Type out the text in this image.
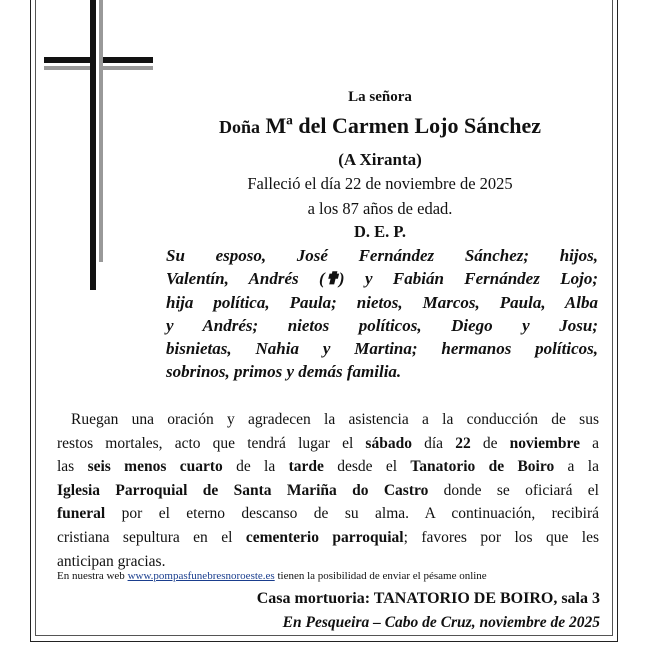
La señora
Doña Mª del Carmen Lojo Sánchez
(A Xiranta)
Falleció el día 22 de noviembre de 2025
a los 87 años de edad.
D. E. P.
Su esposo, José Fernández Sánchez; hijos,
Valentín, Andrés (✟) y Fabián Fernández Lojo;
hija política, Paula; nietos, Marcos, Paula, Alba
y Andrés; nietos políticos, Diego y Josu;
bisnietas, Nahia y Martina; hermanos políticos,
sobrinos, primos y demás familia.
Ruegan una oración y agradecen la asistencia a la conducción de sus
restos mortales, acto que tendrá lugar el sábado día 22 de noviembre a
las seis menos cuarto de la tarde desde el Tanatorio de Boiro a la
Iglesia Parroquial de Santa Mariña do Castro donde se oficiará el
funeral por el eterno descanso de su alma. A continuación, recibirá
cristiana sepultura en el cementerio parroquial; favores por los que les
anticipan gracias.
En nuestra web www.pompasfunebresnoroeste.es tienen la posibilidad de enviar el pésame online
Casa mortuoria: TANATORIO DE BOIRO, sala 3
En Pesqueira – Cabo de Cruz, noviembre de 2025
